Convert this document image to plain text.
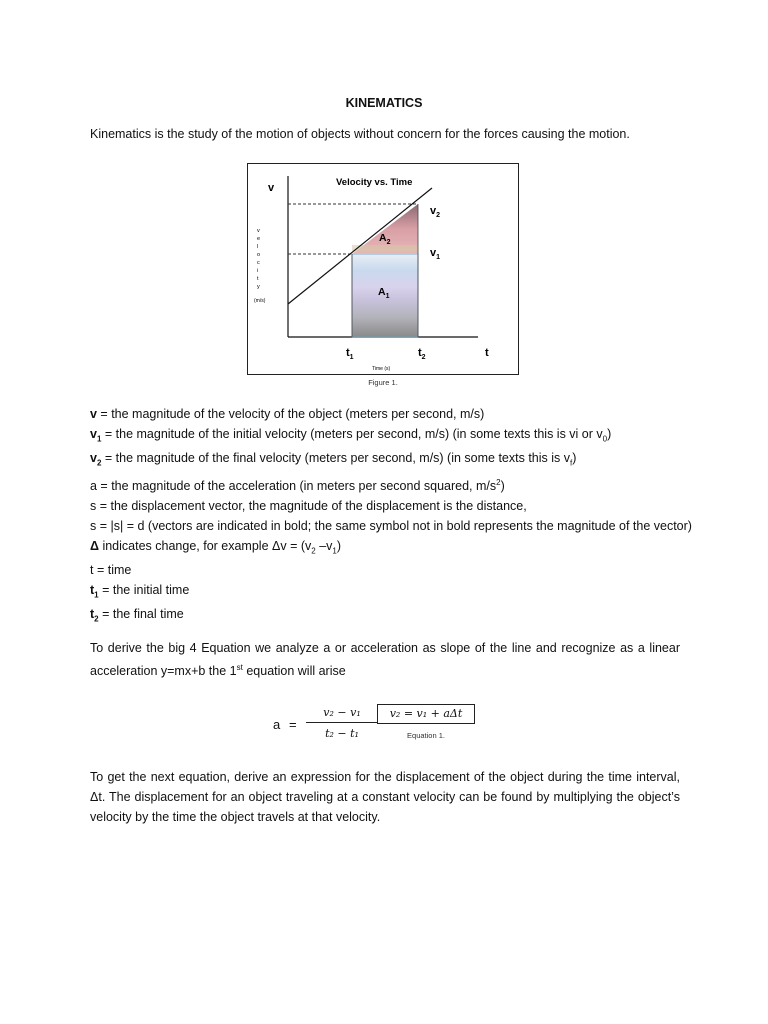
KINEMATICS
Kinematics is the study of the motion of objects without concern for the forces causing the motion.
Velocity vs. Time
v
v e l o c i t y
(m/s)
$v_2$
$v_1$
$A_2$
$A_1$
$t_1$	$t_2$	t
Time (s)
Figure 1.
v = the magnitude of the velocity of the object (meters per second, m/s)
$v_1$ = the magnitude of the initial velocity (meters per second, m/s) (in some texts this is vi or $v_0$)
$v_2$ = the magnitude of the final velocity (meters per second, m/s) (in some texts this is $v_f$)
a = the magnitude of the acceleration (in meters per second squared, $m/s^2$)
s = the displacement vector, the magnitude of the displacement is the distance,
s = |s| = d (vectors are indicated in bold; the same symbol not in bold represents the magnitude of the vector)
Δ indicates change, for example $\Delta v = (v_2$ $-v_1$)
t = time
$t_1$ = the initial time
$t_2$ = the final time
To derive the big 4 Equation we analyze a or acceleration as slope of the line and recognize as a linear acceleration y=mx+b the 1st equation will arise
$a = \frac{\text{v₂ − v₁}}{\text{t₂ − t₁}}$	v₂ = v₁ + aΔt
Equation 1.
To get the next equation, derive an expression for the displacement of the object during the time interval, Δt. The displacement for an object traveling at a constant velocity can be found by multiplying the object’s velocity by the time the object travels at that velocity.
